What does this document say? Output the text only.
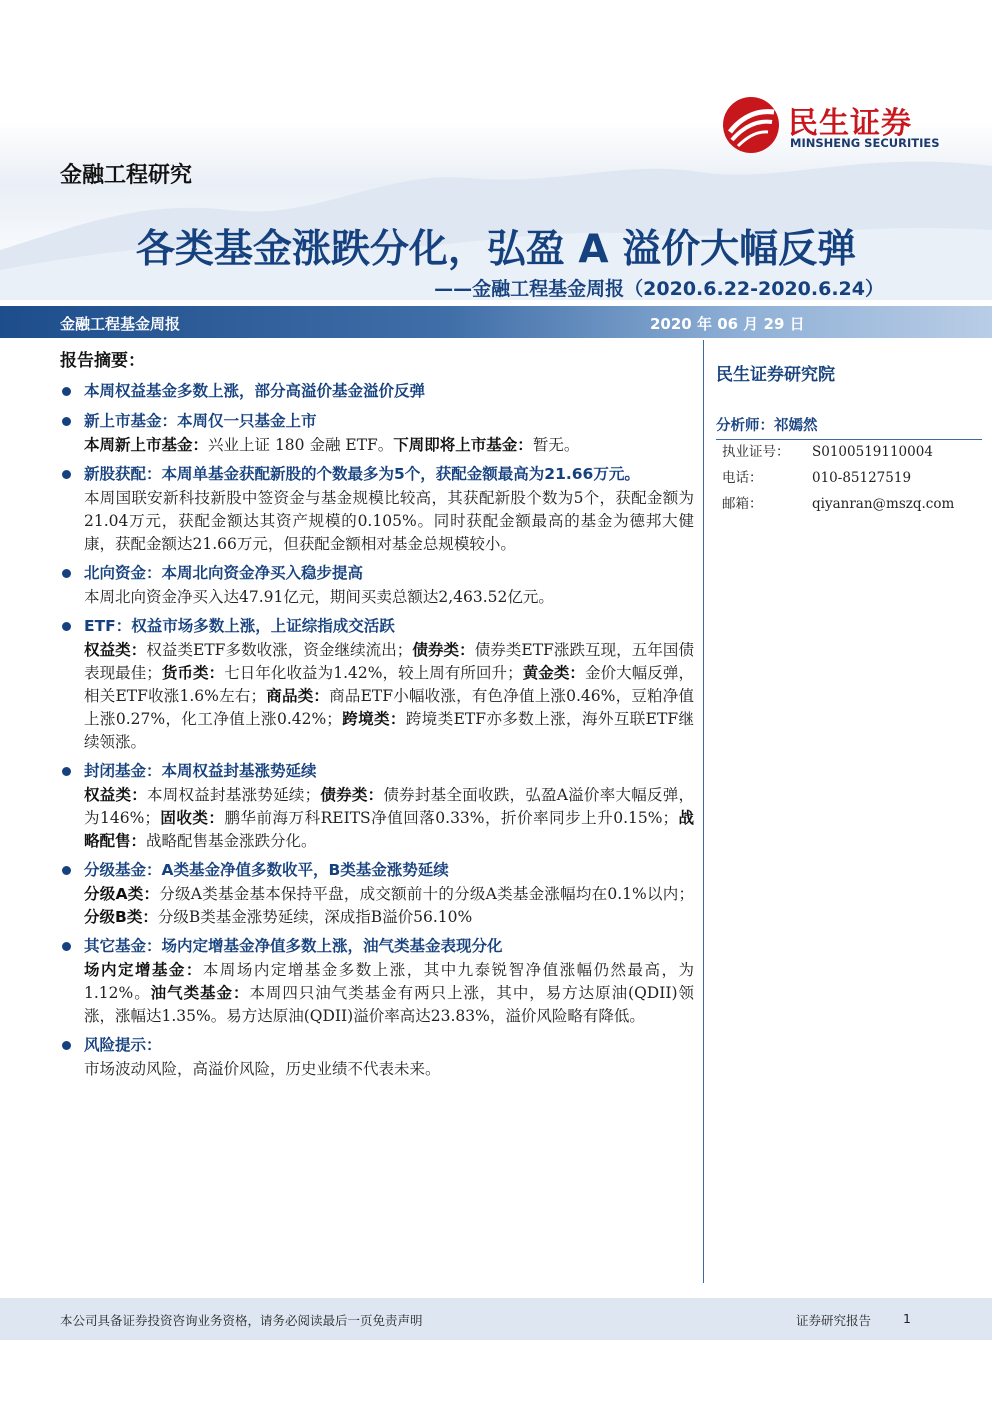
民生证券
MINSHENG SECURITIES
金融工程研究
各类基金涨跌分化，弘盈 A 溢价大幅反弹
——金融工程基金周报（2020.6.22-2020.6.24）
金融工程基金周报	2020 年 06 月 29 日
报告摘要：
本周权益基金多数上涨，部分高溢价基金溢价反弹
新上市基金：本周仅一只基金上市
本周新上市基金：兴业上证 180 金融 ETF。下周即将上市基金：暂无。
新股获配：本周单基金获配新股的个数最多为5个，获配金额最高为21.66万元。
本周国联安新科技新股中签资金与基金规模比较高，其获配新股个数为5个，获配金额为21.04万元，获配金额达其资产规模的0.105%。同时获配金额最高的基金为德邦大健康，获配金额达21.66万元，但获配金额相对基金总规模较小。
北向资金：本周北向资金净买入稳步提高
本周北向资金净买入达47.91亿元，期间买卖总额达2,463.52亿元。
ETF：权益市场多数上涨，上证综指成交活跃
权益类：权益类ETF多数收涨，资金继续流出；债券类：债券类ETF涨跌互现，五年国债表现最佳；货币类：七日年化收益为1.42%，较上周有所回升；黄金类：金价大幅反弹，相关ETF收涨1.6%左右；商品类：商品ETF小幅收涨，有色净值上涨0.46%，豆粕净值上涨0.27%，化工净值上涨0.42%；跨境类：跨境类ETF亦多数上涨，海外互联ETF继续领涨。
封闭基金：本周权益封基涨势延续
权益类：本周权益封基涨势延续；债券类：债券封基全面收跌，弘盈A溢价率大幅反弹，为146%；固收类：鹏华前海万科REITS净值回落0.33%，折价率同步上升0.15%；战略配售：战略配售基金涨跌分化。
分级基金：A类基金净值多数收平，B类基金涨势延续
分级A类：分级A类基金基本保持平盘，成交额前十的分级A类基金涨幅均在0.1%以内；分级B类：分级B类基金涨势延续，深成指B溢价56.10%
其它基金：场内定增基金净值多数上涨，油气类基金表现分化
场内定增基金：本周场内定增基金多数上涨，其中九泰锐智净值涨幅仍然最高，为1.12%。油气类基金：本周四只油气类基金有两只上涨，其中，易方达原油(QDII)领涨，涨幅达1.35%。易方达原油(QDII)溢价率高达23.83%，溢价风险略有降低。
风险提示：
市场波动风险，高溢价风险，历史业绩不代表未来。
民生证券研究院
分析师：祁嫣然
执业证号： S0100519110004
电话：	010-85127519
邮箱：	qiyanran@mszq.com
本公司具备证券投资咨询业务资格，请务必阅读最后一页免责声明	证券研究报告	1
